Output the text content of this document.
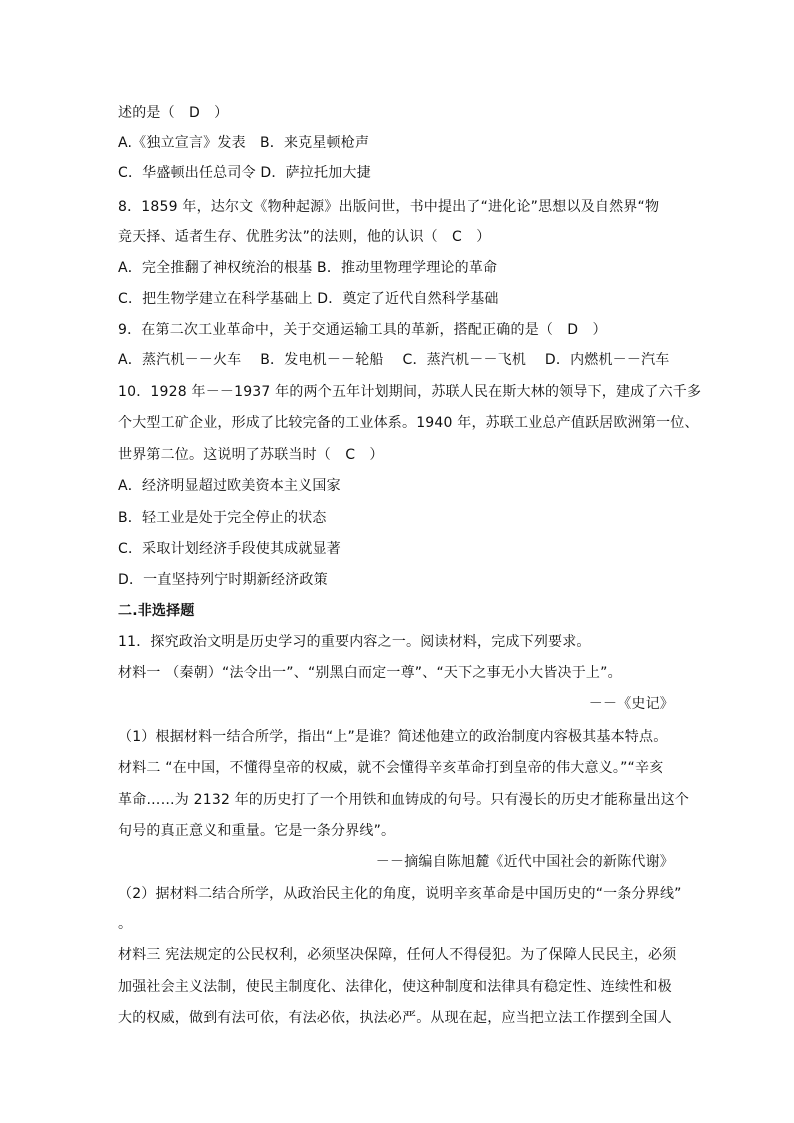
述的是（　D　）
A.《独立宣言》发表　B．来克星顿枪声
C．华盛顿出任总司令 D．萨拉托加大捷
8．1859 年，达尔文《物种起源》出版问世，书中提出了“进化论”思想以及自然界“物
竞天择、适者生存、优胜劣汰”的法则，他的认识（　C　）
A．完全推翻了神权统治的根基 B．推动里物理学理论的革命
C．把生物学建立在科学基础上 D．奠定了近代自然科学基础
9．在第二次工业革命中，关于交通运输工具的革新，搭配正确的是（　D　）
A．蒸汽机－－火车　 B．发电机－－轮船　 C．蒸汽机－－飞机　 D．内燃机－－汽车
10．1928 年－－1937 年的两个五年计划期间，苏联人民在斯大林的领导下，建成了六千多
个大型工矿企业，形成了比较完备的工业体系。1940 年，苏联工业总产值跃居欧洲第一位、
世界第二位。这说明了苏联当时（　C　）
A．经济明显超过欧美资本主义国家
B．轻工业是处于完全停止的状态
C．采取计划经济手段使其成就显著
D．一直坚持列宁时期新经济政策
二.非选择题
11．探究政治文明是历史学习的重要内容之一。阅读材料，完成下列要求。
材料一 （秦朝）“法令出一”、“别黑白而定一尊”、“天下之事无小大皆决于上”。
－－《史记》
（1）根据材料一结合所学，指出“上”是谁？简述他建立的政治制度内容极其基本特点。
材料二 “在中国，不懂得皇帝的权威，就不会懂得辛亥革命打到皇帝的伟大意义。”“辛亥
革命……为 2132 年的历史打了一个用铁和血铸成的句号。只有漫长的历史才能称量出这个
句号的真正意义和重量。它是一条分界线”。
－－摘编自陈旭麓《近代中国社会的新陈代谢》
（2）据材料二结合所学，从政治民主化的角度，说明辛亥革命是中国历史的“一条分界线”
。
材料三 宪法规定的公民权利，必须坚决保障，任何人不得侵犯。为了保障人民民主，必须
加强社会主义法制，使民主制度化、法律化，使这种制度和法律具有稳定性、连续性和极
大的权威，做到有法可依，有法必依，执法必严。从现在起，应当把立法工作摆到全国人
